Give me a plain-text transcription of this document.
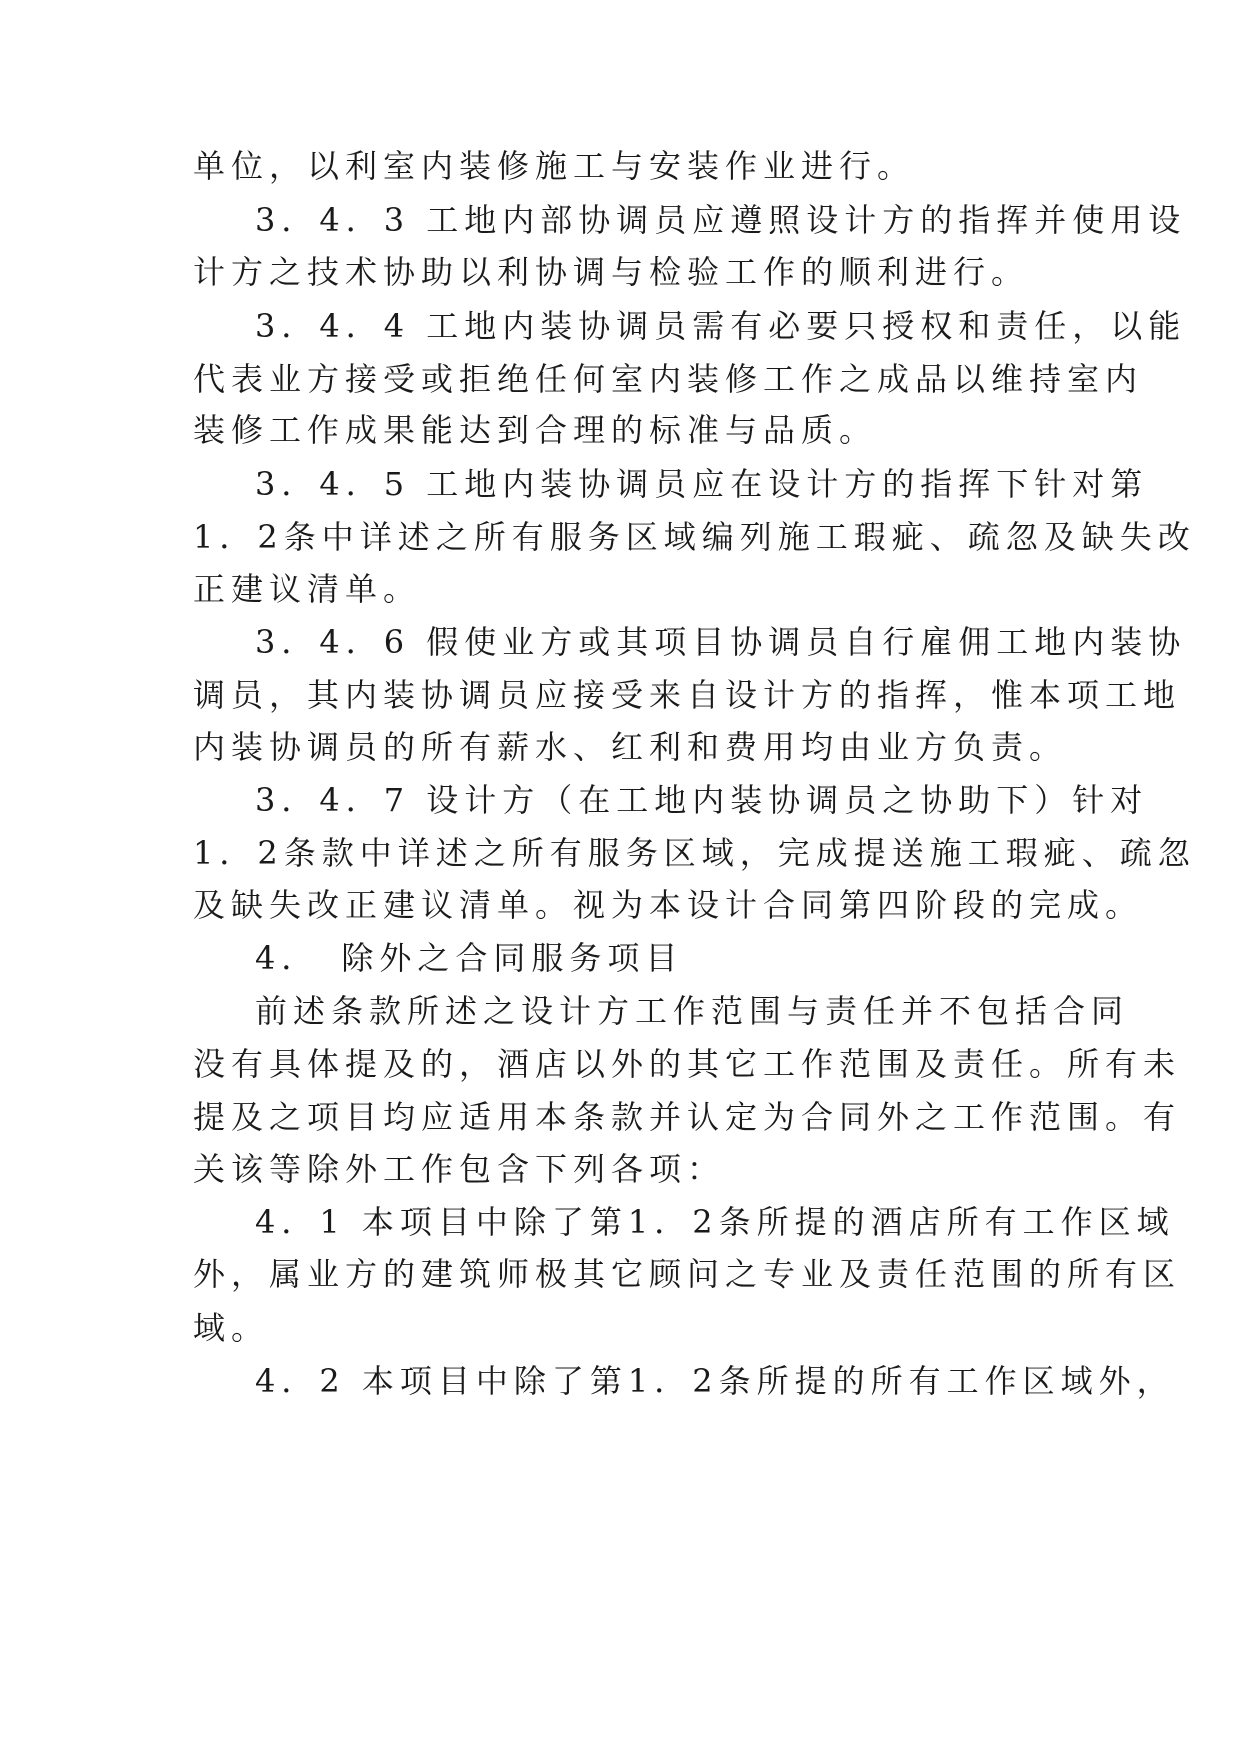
单位，以利室内装修施工与安装作业进行。
3．4．3 工地内部协调员应遵照设计方的指挥并使用设
计方之技术协助以利协调与检验工作的顺利进行。
3．4．4 工地内装协调员需有必要只授权和责任，以能
代表业方接受或拒绝任何室内装修工作之成品以维持室内
装修工作成果能达到合理的标准与品质。
3．4．5 工地内装协调员应在设计方的指挥下针对第
1．2条中详述之所有服务区域编列施工瑕疵、疏忽及缺失改
正建议清单。
3．4．6 假使业方或其项目协调员自行雇佣工地内装协
调员，其内装协调员应接受来自设计方的指挥，惟本项工地
内装协调员的所有薪水、红利和费用均由业方负责。
3．4．7 设计方（在工地内装协调员之协助下）针对
1．2条款中详述之所有服务区域，完成提送施工瑕疵、疏忽
及缺失改正建议清单。视为本设计合同第四阶段的完成。
4．　除外之合同服务项目
前述条款所述之设计方工作范围与责任并不包括合同
没有具体提及的，酒店以外的其它工作范围及责任。所有未
提及之项目均应适用本条款并认定为合同外之工作范围。有
关该等除外工作包含下列各项：
4．1 本项目中除了第1．2条所提的酒店所有工作区域
外，属业方的建筑师极其它顾问之专业及责任范围的所有区
域。
4．2 本项目中除了第1．2条所提的所有工作区域外，
